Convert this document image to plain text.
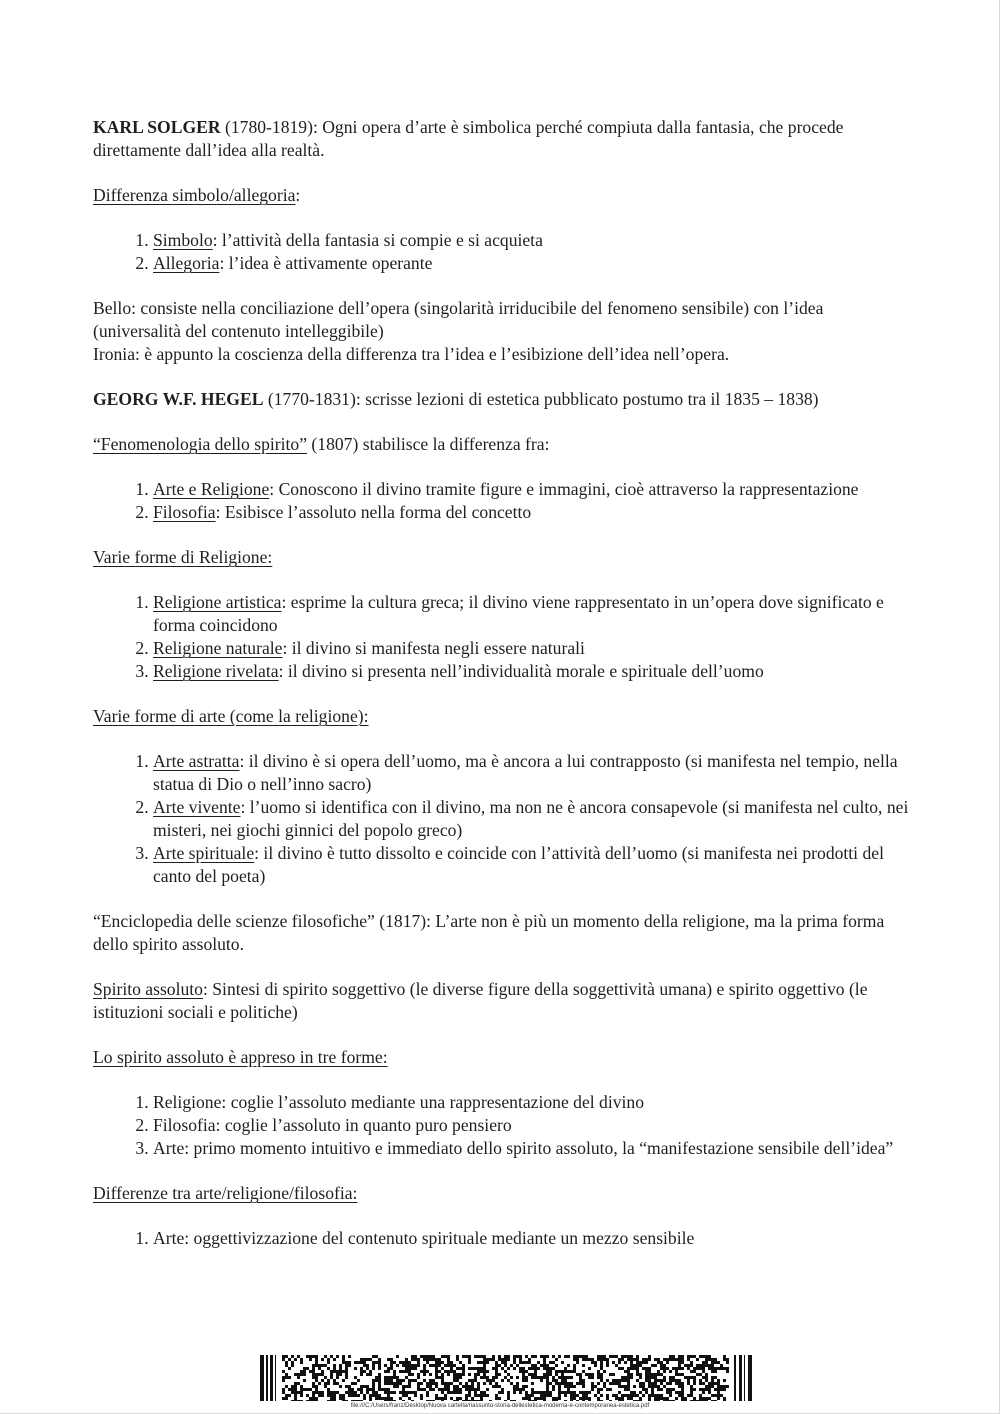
KARL SOLGER (1780-1819): Ogni opera d’arte è simbolica perché compiuta dalla fantasia, che procede direttamente dall’idea alla realtà.

Differenza simbolo/allegoria:

1. Simbolo: l’attività della fantasia si compie e si acquieta
2. Allegoria: l’idea è attivamente operante

Bello: consiste nella conciliazione dell’opera (singolarità irriducibile del fenomeno sensibile) con l’idea (universalità del contenuto intelleggibile)

Ironia: è appunto la coscienza della differenza tra l’idea e l’esibizione dell’idea nell’opera.

GEORG W.F. HEGEL (1770-1831): scrisse lezioni di estetica pubblicato postumo tra il 1835 – 1838)

“Fenomenologia dello spirito” (1807) stabilisce la differenza fra:

1. Arte e Religione: Conoscono il divino tramite figure e immagini, cioè attraverso la rappresentazione
2. Filosofia: Esibisce l’assoluto nella forma del concetto

Varie forme di Religione:

1. Religione artistica: esprime la cultura greca; il divino viene rappresentato in un’opera dove significato e forma coincidono
2. Religione naturale: il divino si manifesta negli essere naturali
3. Religione rivelata: il divino si presenta nell’individualità morale e spirituale dell’uomo

Varie forme di arte (come la religione):

1. Arte astratta: il divino è si opera dell’uomo, ma è ancora a lui contrapposto (si manifesta nel tempio, nella statua di Dio o nell’inno sacro)
2. Arte vivente: l’uomo si identifica con il divino, ma non ne è ancora consapevole (si manifesta nel culto, nei misteri, nei giochi ginnici del popolo greco)
3. Arte spirituale: il divino è tutto dissolto e coincide con l’attività dell’uomo (si manifesta nei prodotti del canto del poeta)

“Enciclopedia delle scienze filosofiche” (1817): L’arte non è più un momento della religione, ma la prima forma dello spirito assoluto.

Spirito assoluto: Sintesi di spirito soggettivo (le diverse figure della soggettività umana) e spirito oggettivo (le istituzioni sociali e politiche)

Lo spirito assoluto è appreso in tre forme:

1. Religione: coglie l’assoluto mediante una rappresentazione del divino
2. Filosofia: coglie l’assoluto in quanto puro pensiero
3. Arte: primo momento intuitivo e immediato dello spirito assoluto, la “manifestazione sensibile dell’idea”

Differenze tra arte/religione/filosofia:

1. Arte: oggettivizzazione del contenuto spirituale mediante un mezzo sensibile
file:///C:/Users/franz/Desktop/Nuova cartella/riassunto-storia-dellestetica-moderna-e-contemporanea-estetica.pdf
